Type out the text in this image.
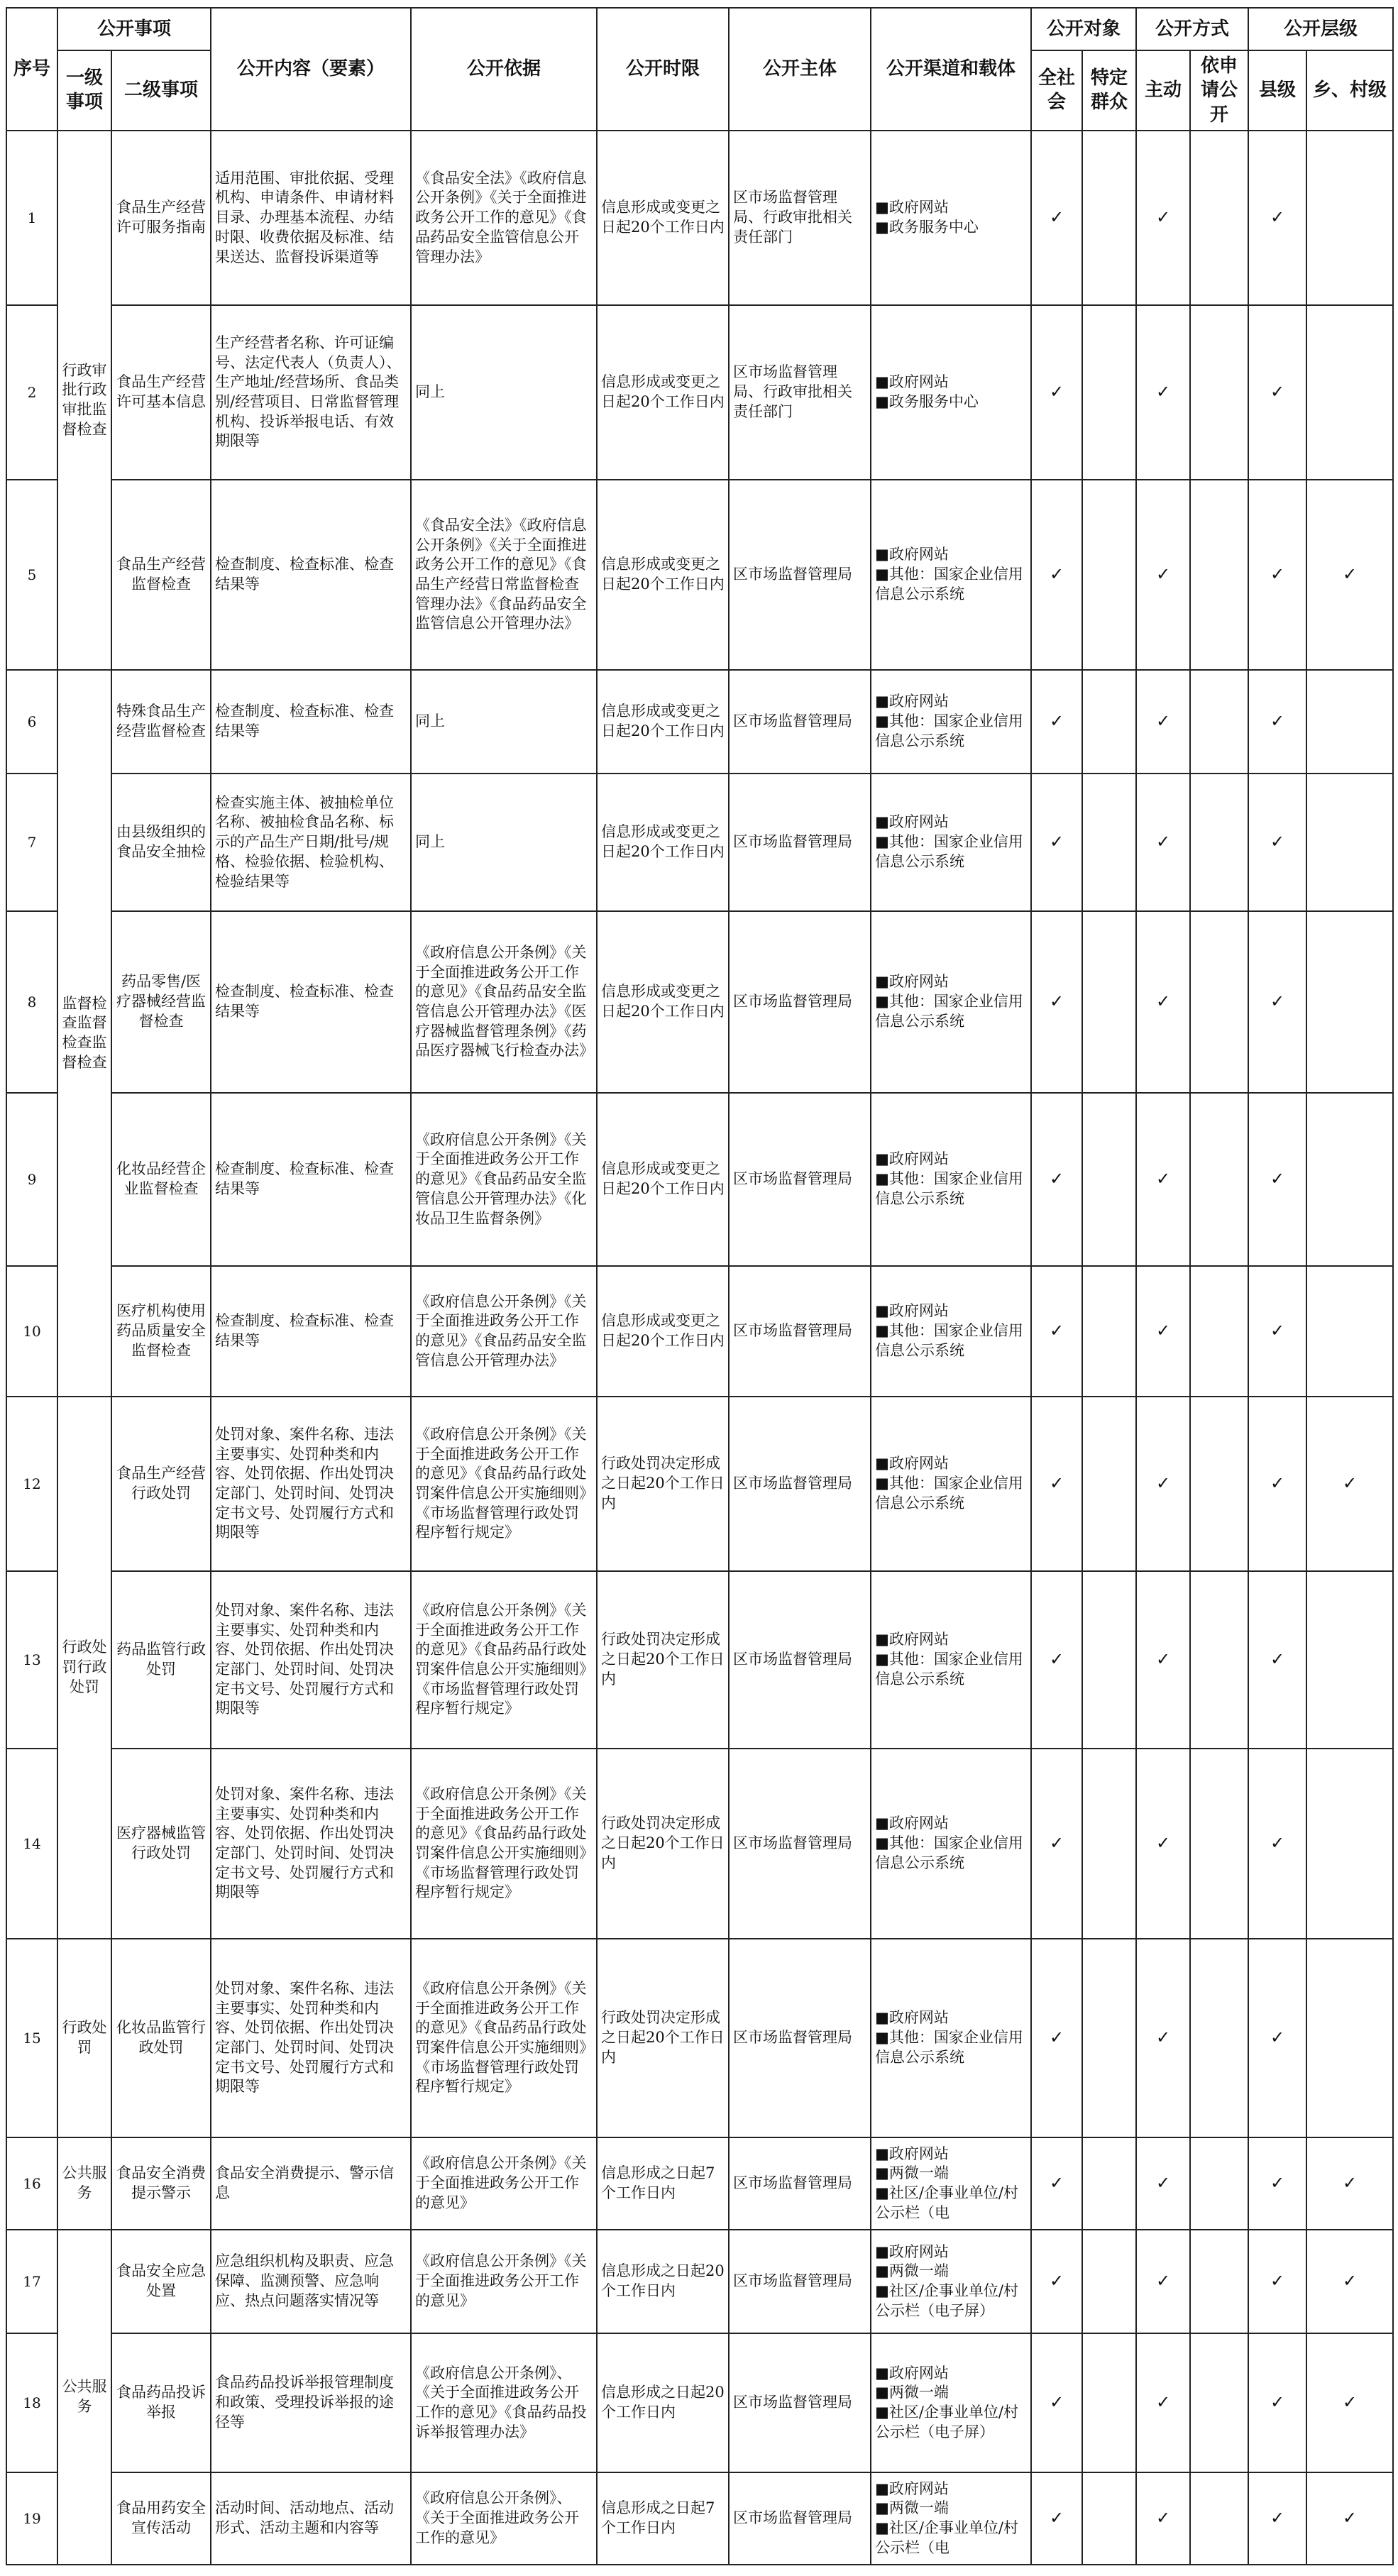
序号	公开事项		公开内容（要素）	公开依据	公开时限	公开主体	公开渠道和载体	公开对象		公开方式		公开层级	
	一级事项	二级事项						全社会	特定群众	主动	依申请公开	县级	乡、村级
1	行政审批行政审批监督检查	食品生产经营许可服务指南	适用范围、审批依据、受理机构、申请条件、申请材料目录、办理基本流程、办结时限、收费依据及标准、结果送达、监督投诉渠道等	《食品安全法》《政府信息公开条例》《关于全面推进政务公开工作的意见》《食品药品安全监管信息公开管理办法》	信息形成或变更之日起20个工作日内	区市场监督管理局、行政审批相关责任部门	■政府网站
■政务服务中心	✓		✓		✓	
2		食品生产经营许可基本信息	生产经营者名称、许可证编号、法定代表人（负责人）、生产地址/经营场所、食品类别/经营项目、日常监督管理机构、投诉举报电话、有效期限等	同上	信息形成或变更之日起20个工作日内	区市场监督管理局、行政审批相关责任部门	■政府网站
■政务服务中心	✓		✓		✓	
5		食品生产经营监督检查	检查制度、检查标准、检查结果等	《食品安全法》《政府信息公开条例》《关于全面推进政务公开工作的意见》《食品生产经营日常监督检查管理办法》《食品药品安全监管信息公开管理办法》	信息形成或变更之日起20个工作日内	区市场监督管理局	■政府网站
■其他：国家企业信用信息公示系统	✓		✓		✓	✓
6	监督检查监督检查监督检查	特殊食品生产经营监督检查	检查制度、检查标准、检查结果等	同上	信息形成或变更之日起20个工作日内	区市场监督管理局	■政府网站
■其他：国家企业信用信息公示系统	✓		✓		✓	
7		由县级组织的食品安全抽检	检查实施主体、被抽检单位名称、被抽检食品名称、标示的产品生产日期/批号/规格、检验依据、检验机构、检验结果等	同上	信息形成或变更之日起20个工作日内	区市场监督管理局	■政府网站
■其他：国家企业信用信息公示系统	✓		✓		✓	
8		药品零售/医疗器械经营监督检查	检查制度、检查标准、检查结果等	《政府信息公开条例》《关于全面推进政务公开工作的意见》《食品药品安全监管信息公开管理办法》《医疗器械监督管理条例》《药品医疗器械飞行检查办法》	信息形成或变更之日起20个工作日内	区市场监督管理局	■政府网站
■其他：国家企业信用信息公示系统	✓		✓		✓	
9		化妆品经营企业监督检查	检查制度、检查标准、检查结果等	《政府信息公开条例》《关于全面推进政务公开工作的意见》《食品药品安全监管信息公开管理办法》《化妆品卫生监督条例》	信息形成或变更之日起20个工作日内	区市场监督管理局	■政府网站
■其他：国家企业信用信息公示系统	✓		✓		✓	
10		医疗机构使用药品质量安全监督检查	检查制度、检查标准、检查结果等	《政府信息公开条例》《关于全面推进政务公开工作的意见》《食品药品安全监管信息公开管理办法》	信息形成或变更之日起20个工作日内	区市场监督管理局	■政府网站
■其他：国家企业信用信息公示系统	✓		✓		✓	
12	行政处罚行政处罚	食品生产经营行政处罚	处罚对象、案件名称、违法主要事实、处罚种类和内容、处罚依据、作出处罚决定部门、处罚时间、处罚决定书文号、处罚履行方式和期限等	《政府信息公开条例》《关于全面推进政务公开工作的意见》《食品药品行政处罚案件信息公开实施细则》《市场监督管理行政处罚程序暂行规定》	行政处罚决定形成之日起20个工作日内	区市场监督管理局	■政府网站
■其他：国家企业信用信息公示系统	✓		✓		✓	✓
13		药品监管行政处罚	处罚对象、案件名称、违法主要事实、处罚种类和内容、处罚依据、作出处罚决定部门、处罚时间、处罚决定书文号、处罚履行方式和期限等	《政府信息公开条例》《关于全面推进政务公开工作的意见》《食品药品行政处罚案件信息公开实施细则》《市场监督管理行政处罚程序暂行规定》	行政处罚决定形成之日起20个工作日内	区市场监督管理局	■政府网站
■其他：国家企业信用信息公示系统	✓		✓		✓	
14		医疗器械监管行政处罚	处罚对象、案件名称、违法主要事实、处罚种类和内容、处罚依据、作出处罚决定部门、处罚时间、处罚决定书文号、处罚履行方式和期限等	《政府信息公开条例》《关于全面推进政务公开工作的意见》《食品药品行政处罚案件信息公开实施细则》《市场监督管理行政处罚程序暂行规定》	行政处罚决定形成之日起20个工作日内	区市场监督管理局	■政府网站
■其他：国家企业信用信息公示系统	✓		✓		✓	
15	行政处罚	化妆品监管行政处罚	处罚对象、案件名称、违法主要事实、处罚种类和内容、处罚依据、作出处罚决定部门、处罚时间、处罚决定书文号、处罚履行方式和期限等	《政府信息公开条例》《关于全面推进政务公开工作的意见》《食品药品行政处罚案件信息公开实施细则》《市场监督管理行政处罚程序暂行规定》	行政处罚决定形成之日起20个工作日内	区市场监督管理局	■政府网站
■其他：国家企业信用信息公示系统	✓		✓		✓	
16	公共服务	食品安全消费提示警示	食品安全消费提示、警示信息	《政府信息公开条例》《关于全面推进政务公开工作的意见》	信息形成之日起7个工作日内	区市场监督管理局	■政府网站
■两微一端
■社区/企事业单位/村公示栏（电	✓		✓		✓	✓
17	公共服务	食品安全应急处置	应急组织机构及职责、应急保障、监测预警、应急响应、热点问题落实情况等	《政府信息公开条例》《关于全面推进政务公开工作的意见》	信息形成之日起20个工作日内	区市场监督管理局	■政府网站
■两微一端
■社区/企事业单位/村公示栏（电子屏）	✓		✓		✓	✓
18		食品药品投诉举报	食品药品投诉举报管理制度和政策、受理投诉举报的途径等	《政府信息公开条例》、《关于全面推进政务公开工作的意见》《食品药品投诉举报管理办法》	信息形成之日起20个工作日内	区市场监督管理局	■政府网站
■两微一端
■社区/企事业单位/村公示栏（电子屏）	✓		✓		✓	✓
19		食品用药安全宣传活动	活动时间、活动地点、活动形式、活动主题和内容等	《政府信息公开条例》、《关于全面推进政务公开工作的意见》	信息形成之日起7个工作日内	区市场监督管理局	■政府网站
■两微一端
■社区/企事业单位/村公示栏（电	✓		✓		✓	✓
